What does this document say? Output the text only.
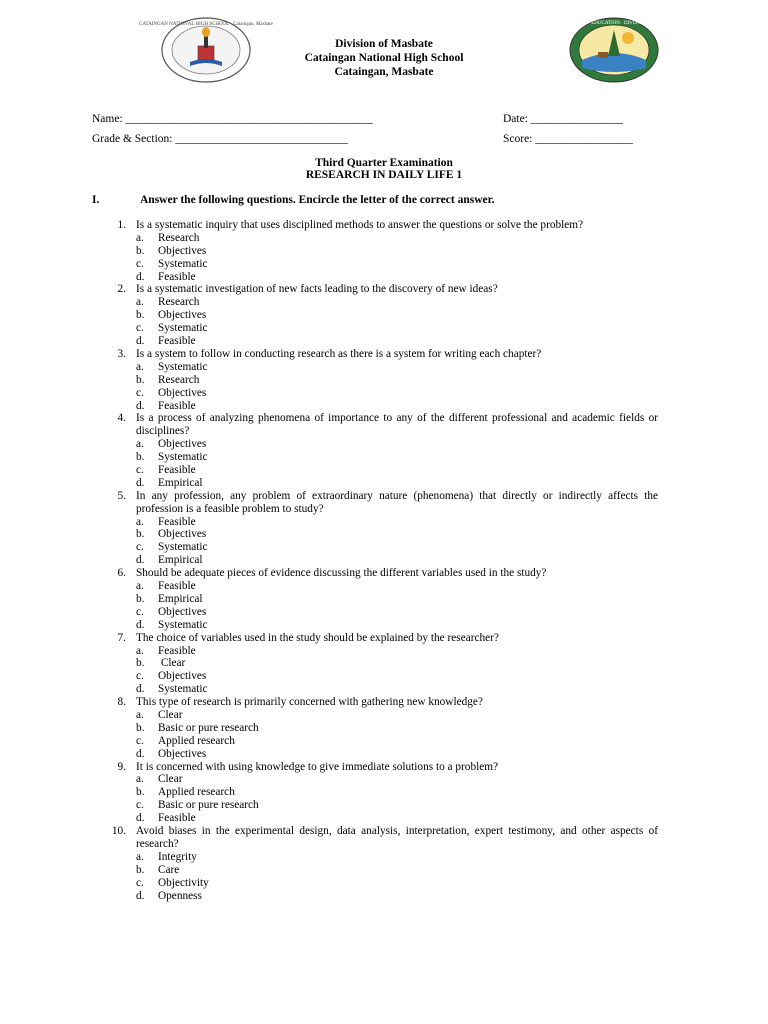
CATAINGAN NATIONAL HIGH SCHOOL · Cataingan, Masbate	DEPARTMENT OF EDUCATION · DIVISION OF MASBATE
Division of Masbate
Cataingan National High School
Cataingan, Masbate
Name: ___________________________________________	Date: ________________
Grade & Section: ______________________________	Score: _________________
Third Quarter Examination
RESEARCH IN DAILY LIFE 1
I.	Answer the following questions. Encircle the letter of the correct answer.
1. Is a systematic inquiry that uses disciplined methods to answer the questions or solve the problem?
a. Research
b. Objectives
c. Systematic
d. Feasible
2. Is a systematic investigation of new facts leading to the discovery of new ideas?
a. Research
b. Objectives
c. Systematic
d. Feasible
3. Is a system to follow in conducting research as there is a system for writing each chapter?
a. Systematic
b. Research
c. Objectives
d. Feasible
4. Is a process of analyzing phenomena of importance to any of the different professional and academic fields or disciplines?
a. Objectives
b. Systematic
c. Feasible
d. Empirical
5. In any profession, any problem of extraordinary nature (phenomena) that directly or indirectly affects the profession is a feasible problem to study?
a. Feasible
b. Objectives
c. Systematic
d. Empirical
6. Should be adequate pieces of evidence discussing the different variables used in the study?
a. Feasible
b. Empirical
c. Objectives
d. Systematic
7. The choice of variables used in the study should be explained by the researcher?
a. Feasible
b. Clear
c. Objectives
d. Systematic
8. This type of research is primarily concerned with gathering new knowledge?
a. Clear
b. Basic or pure research
c. Applied research
d. Objectives
9. It is concerned with using knowledge to give immediate solutions to a problem?
a. Clear
b. Applied research
c. Basic or pure research
d. Feasible
10. Avoid biases in the experimental design, data analysis, interpretation, expert testimony, and other aspects of research?
a. Integrity
b. Care
c. Objectivity
d. Openness
